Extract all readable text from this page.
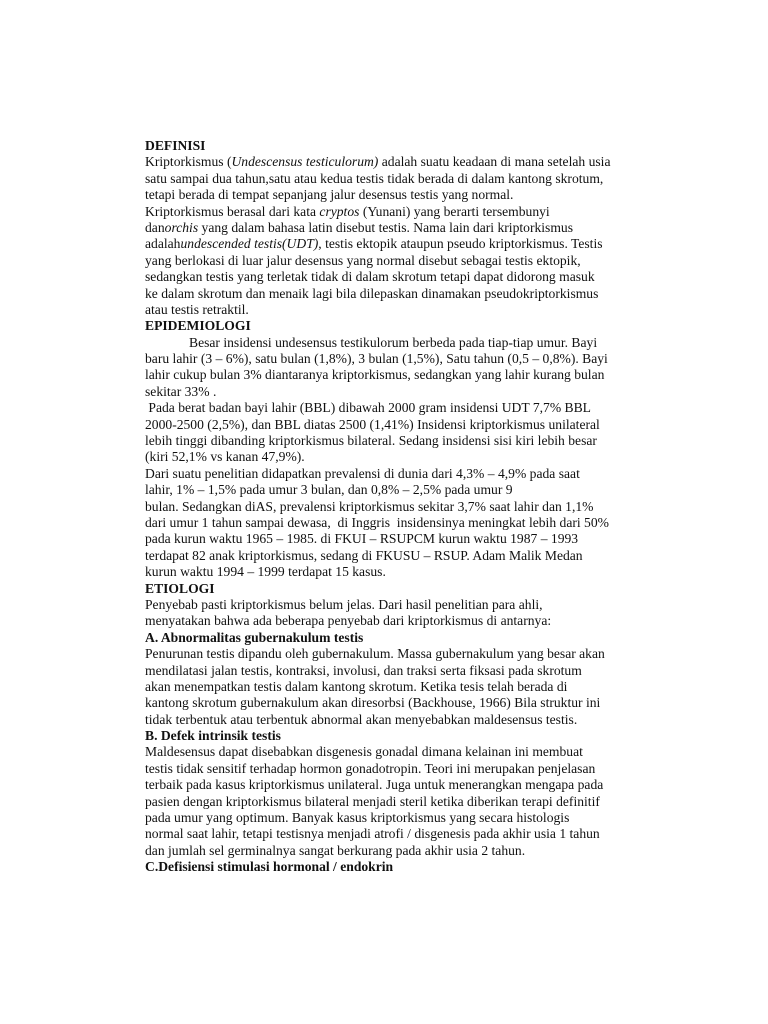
DEFINISI
Kriptorkismus (Undescensus testiculorum) adalah suatu keadaan di mana setelah usia
satu sampai dua tahun,satu atau kedua testis tidak berada di dalam kantong skrotum,
tetapi berada di tempat sepanjang jalur desensus testis yang normal.
Kriptorkismus berasal dari kata cryptos (Yunani) yang berarti tersembunyi
danorchis yang dalam bahasa latin disebut testis. Nama lain dari kriptorkismus
adalahundescended testis(UDT), testis ektopik ataupun pseudo kriptorkismus. Testis
yang berlokasi di luar jalur desensus yang normal disebut sebagai testis ektopik,
sedangkan testis yang terletak tidak di dalam skrotum tetapi dapat didorong masuk
ke dalam skrotum dan menaik lagi bila dilepaskan dinamakan pseudokriptorkismus
atau testis retraktil.
EPIDEMIOLOGI
Besar insidensi undesensus testikulorum berbeda pada tiap-tiap umur. Bayi
baru lahir (3 – 6%), satu bulan (1,8%), 3 bulan (1,5%), Satu tahun (0,5 – 0,8%). Bayi
lahir cukup bulan 3% diantaranya kriptorkismus, sedangkan yang lahir kurang bulan
sekitar 33% .
Pada berat badan bayi lahir (BBL) dibawah 2000 gram insidensi UDT 7,7% BBL
2000-2500 (2,5%), dan BBL diatas 2500 (1,41%) Insidensi kriptorkismus unilateral
lebih tinggi dibanding kriptorkismus bilateral. Sedang insidensi sisi kiri lebih besar
(kiri 52,1% vs kanan 47,9%).
Dari suatu penelitian didapatkan prevalensi di dunia dari 4,3% – 4,9% pada saat
lahir, 1% – 1,5% pada umur 3 bulan, dan 0,8% – 2,5% pada umur 9
bulan. Sedangkan diAS, prevalensi kriptorkismus sekitar 3,7% saat lahir dan 1,1%
dari umur 1 tahun sampai dewasa,  di Inggris  insidensinya meningkat lebih dari 50%
pada kurun waktu 1965 – 1985. di FKUI – RSUPCM kurun waktu 1987 – 1993
terdapat 82 anak kriptorkismus, sedang di FKUSU – RSUP. Adam Malik Medan
kurun waktu 1994 – 1999 terdapat 15 kasus.
ETIOLOGI
Penyebab pasti kriptorkismus belum jelas. Dari hasil penelitian para ahli,
menyatakan bahwa ada beberapa penyebab dari kriptorkismus di antarnya:
A. Abnormalitas gubernakulum testis
Penurunan testis dipandu oleh gubernakulum. Massa gubernakulum yang besar akan
mendilatasi jalan testis, kontraksi, involusi, dan traksi serta fiksasi pada skrotum
akan menempatkan testis dalam kantong skrotum. Ketika tesis telah berada di
kantong skrotum gubernakulum akan diresorbsi (Backhouse, 1966) Bila struktur ini
tidak terbentuk atau terbentuk abnormal akan menyebabkan maldesensus testis.
B. Defek intrinsik testis
Maldesensus dapat disebabkan disgenesis gonadal dimana kelainan ini membuat
testis tidak sensitif terhadap hormon gonadotropin. Teori ini merupakan penjelasan
terbaik pada kasus kriptorkismus unilateral. Juga untuk menerangkan mengapa pada
pasien dengan kriptorkismus bilateral menjadi steril ketika diberikan terapi definitif
pada umur yang optimum. Banyak kasus kriptorkismus yang secara histologis
normal saat lahir, tetapi testisnya menjadi atrofi / disgenesis pada akhir usia 1 tahun
dan jumlah sel germinalnya sangat berkurang pada akhir usia 2 tahun.
C.Defisiensi stimulasi hormonal / endokrin
